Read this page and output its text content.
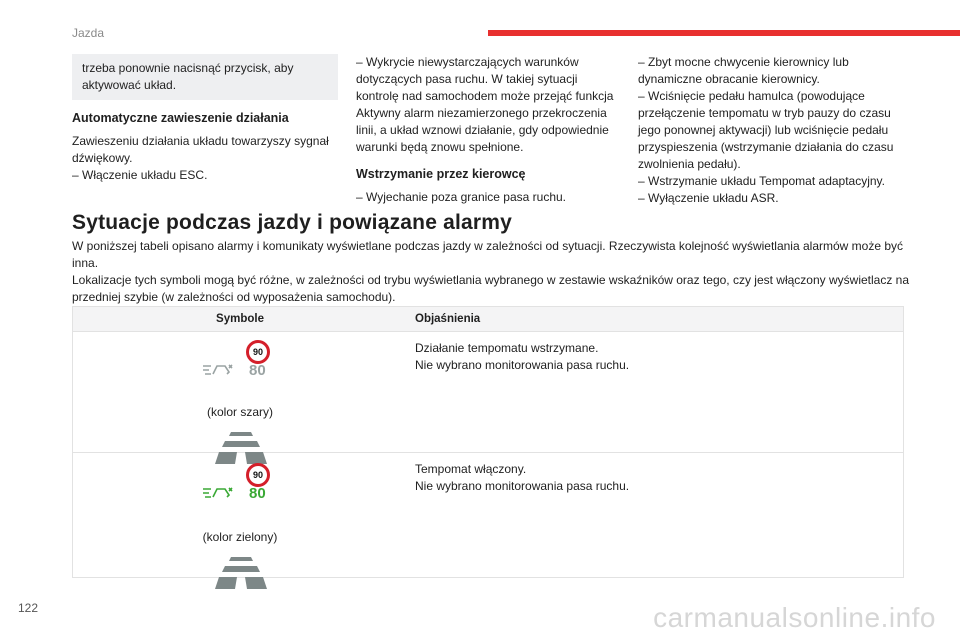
Jazda

trzeba ponownie nacisnąć przycisk, aby aktywować układ.

Automatyczne zawieszenie działania

Zawieszeniu działania układu towarzyszy sygnał dźwiękowy.

– Włączenie układu ESC.

– Wykrycie niewystarczających warunków dotyczących pasa ruchu. W takiej sytuacji kontrolę nad samochodem może przejąć funkcja Aktywny alarm niezamierzonego przekroczenia linii, a układ wznowi działanie, gdy odpowiednie warunki będą znowu spełnione.

Wstrzymanie przez kierowcę

– Wyjechanie poza granice pasa ruchu.

– Zbyt mocne chwycenie kierownicy lub dynamiczne obracanie kierownicy.

– Wciśnięcie pedału hamulca (powodujące przełączenie tempomatu w tryb pauzy do czasu jego ponownej aktywacji) lub wciśnięcie pedału przyspieszenia (wstrzymanie działania do czasu zwolnienia pedału).

– Wstrzymanie układu Tempomat adaptacyjny.

– Wyłączenie układu ASR.

Sytuacje podczas jazdy i powiązane alarmy

W poniższej tabeli opisano alarmy i komunikaty wyświetlane podczas jazdy w zależności od sytuacji. Rzeczywista kolejność wyświetlania alarmów może być inna.

Lokalizacje tych symboli mogą być różne, w zależności od trybu wyświetlania wybranego w zestawie wskaźników oraz tego, czy jest włączony wyświetlacz na przedniej szybie (w zależności od wyposażenia samochodu).

Symbole	Objaśnienia
90
80
(kolor szary)
Działanie tempomatu wstrzymane.
Nie wybrano monitorowania pasa ruchu.
90
80
(kolor zielony)
Tempomat włączony.
Nie wybrano monitorowania pasa ruchu.
122	carmanualsonline.info
